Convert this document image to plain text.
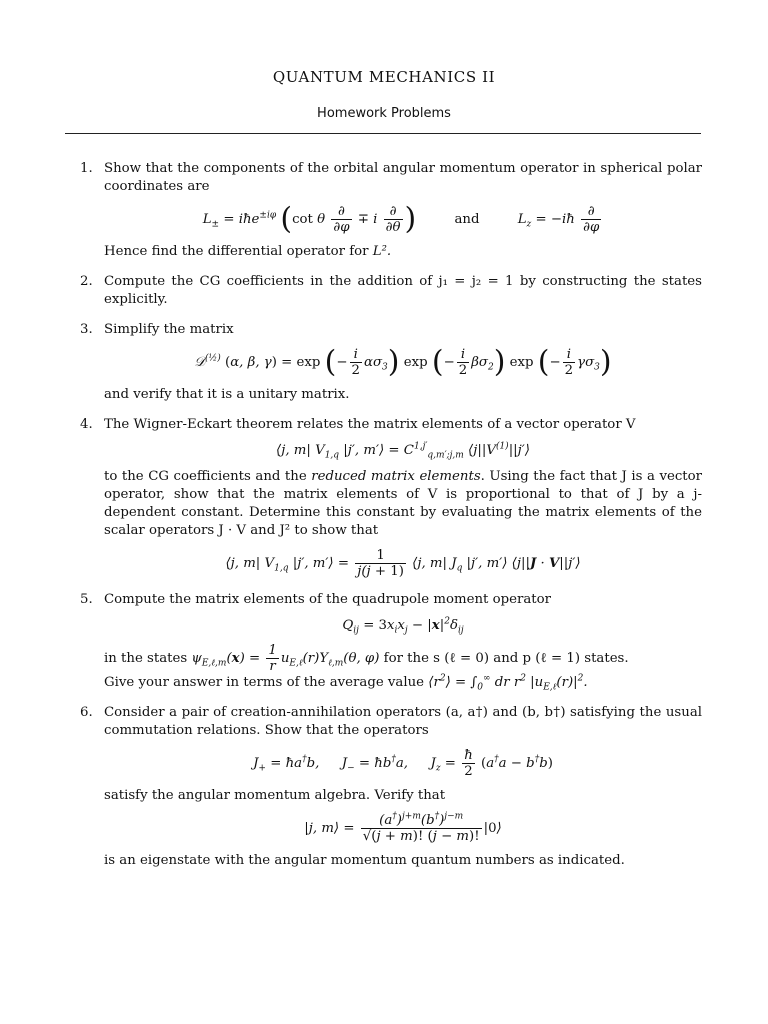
QUANTUM MECHANICS II
Homework Problems
1. Show that the components of the orbital angular momentum operator in spherical polar coordinates are

$L_\pm$ = iħe$^{\pm i\varphi}$ (cot θ $\frac{\partial}{\partial\varphi} \mp i \frac{\partial}{\partial\theta}$ )	and	$L_z$ = −iħ $\frac{\partial}{\partial\varphi}$

Hence find the differential operator for L².

2. Compute the CG coefficients in the addition of j₁ = j₂ = 1 by constructing the states explicitly.

3. Simplify the matrix

𝒟$^{(\frac{1}{2})}$ (α, β, γ) = exp (− $\frac{i}{2} \alpha\sigma_3$) exp (− $\frac{i}{2} \beta\sigma_2$) exp (− $\frac{i}{2} \gamma\sigma_3$)

and verify that it is a unitary matrix.

4. The Wigner-Eckart theorem relates the matrix elements of a vector operator V

⟨j, m| $V_{1,q}$ |j′, m′⟩ = $C^{1,j'}_{q,m';j,m}$ $⟨j||V^{(1)}||j'⟩$

to the CG coefficients and the reduced matrix elements. Using the fact that J is a vector operator, show that the matrix elements of V is proportional to that of J by a j-dependent constant. Determine this constant by evaluating the matrix elements of the scalar operators J · V and J² to show that

⟨j, m| $V_{1,q}$ |j′, m′⟩ = $\frac{1}{j(j + 1)}$ ⟨j, m| $J_q$ |j′, m′⟩ ⟨j||J · V||j′⟩
5. Compute the matrix elements of the quadrupole moment operator

$Q_{ij} = 3x_ix_j - |x|^2\delta_{ij}$

in the states $\psi_{E,\ell,m}(x) = \frac{1}{r} u_{E,\ell}(r)Y_{\ell,m}(\theta$, φ) for the s (ℓ = 0) and p (ℓ = 1) states.

Give your answer in terms of the average value $⟨r^2⟩ = \int_0^\infty$ dr $r^2$ $|u_{E,\ell}(r)|^2$.

6. Consider a pair of creation-annihilation operators (a, a†) and (b, b†) satisfying the usual commutation relations. Show that the operators

$J_+$ = ħa†b,  $J_-$ = ħb†a,  $J_z = \frac{ħ}{2} (a^\dagger a - b^\dagger b)$

satisfy the angular momentum algebra. Verify that

|j, m⟩ = $\frac{(a^\dagger)^{j+m}(b^\dagger)^{j-m}}{√(j + m)! (j - m)!}$ |0⟩

is an eigenstate with the angular momentum quantum numbers as indicated.
